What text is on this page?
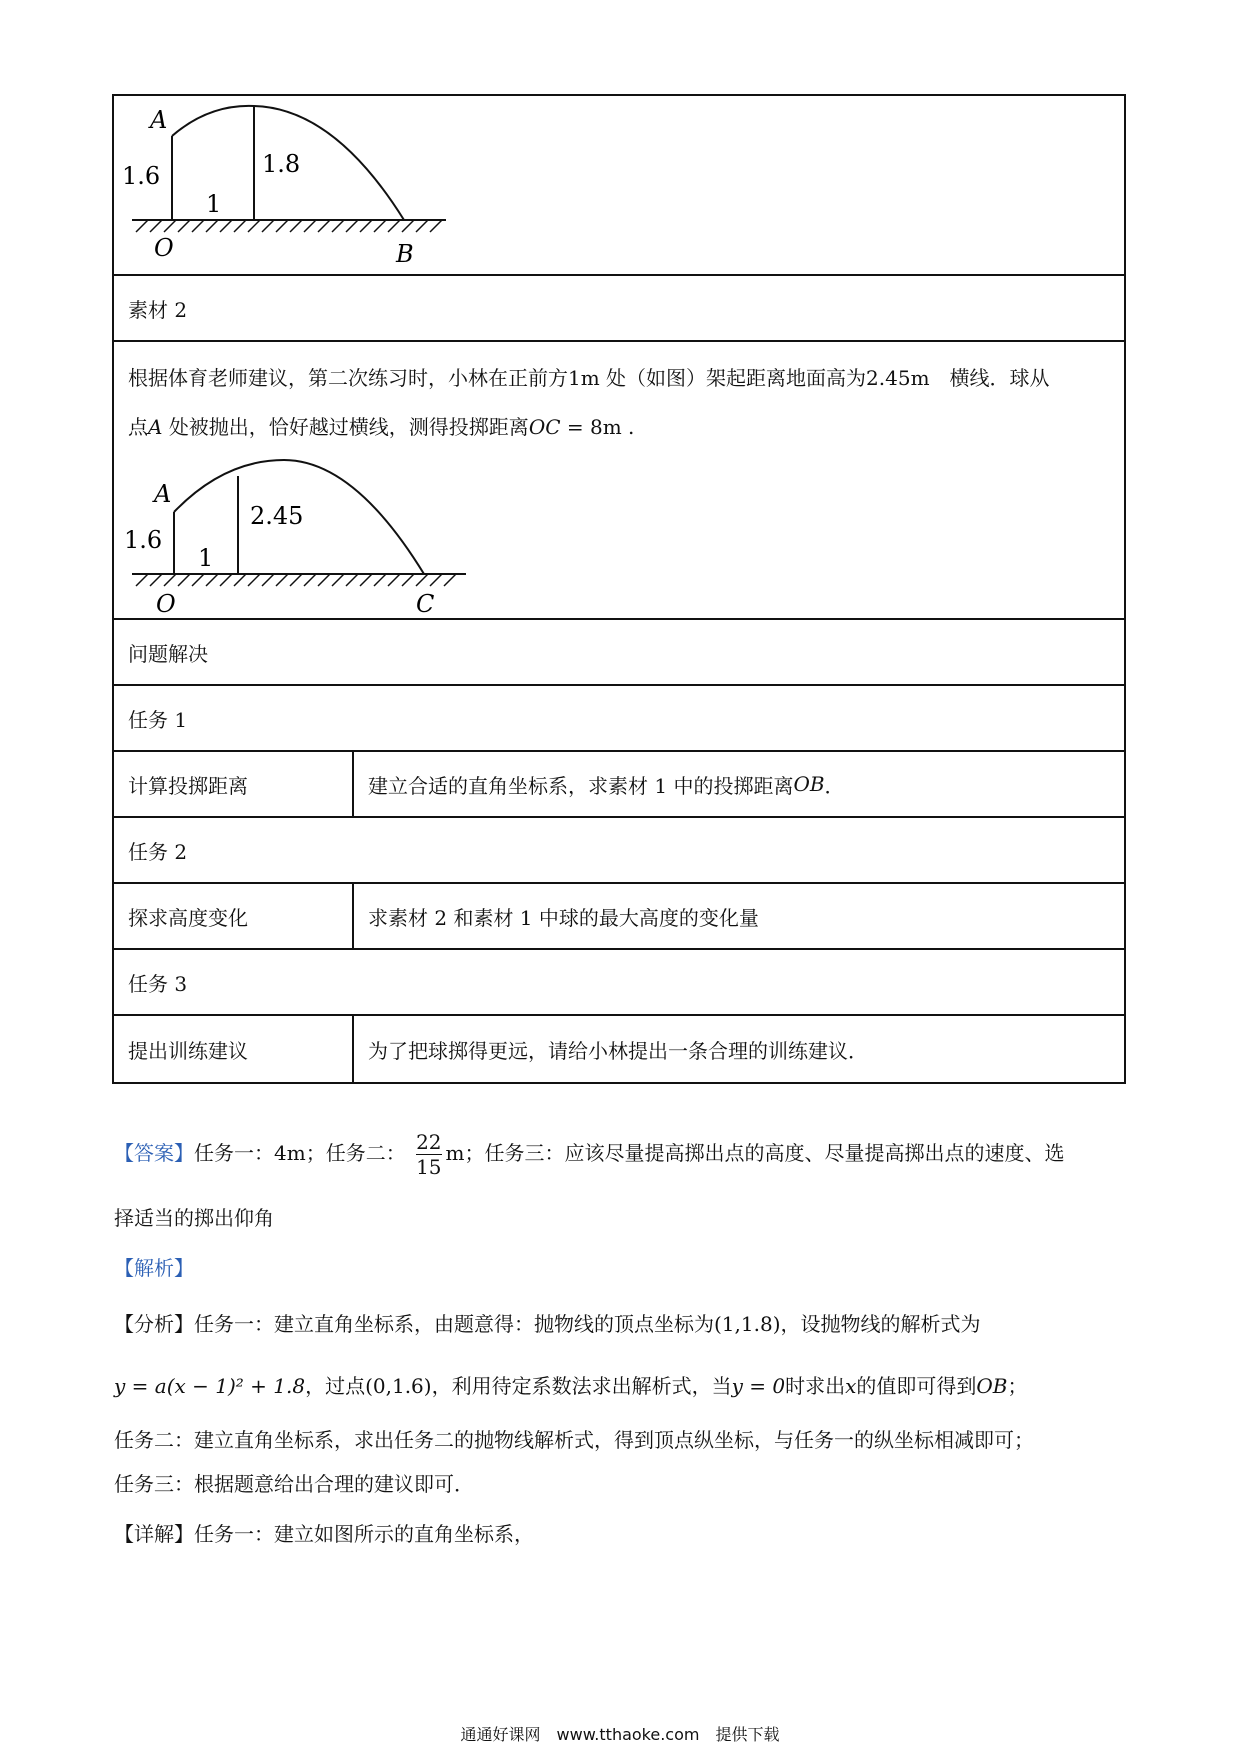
A
1.6	1.8
1
O	B
素材 2
根据体育老师建议，第二次练习时，小林在正前方1m 处（如图）架起距离地面高为2.45m　横线．球从
点A 处被抛出，恰好越过横线，测得投掷距离OC = 8m .
A
1.6
2.45
1
O	C
问题解决
任务 1
计算投掷距离	建立合适的直角坐标系，求素材 1 中的投掷距离 OB ．
任务 2
探求高度变化	求素材 2 和素材 1 中球的最大高度的变化量
任务 3
提出训练建议	为了把球掷得更远，请给小林提出一条合理的训练建议．
【答案】任务一：4m；任务二： $\frac{22}{15}$ m；任务三：应该尽量提高掷出点的高度、尽量提高掷出点的速度、选
择适当的掷出仰角
【解析】
【分析】任务一：建立直角坐标系，由题意得：抛物线的顶点坐标为(1,1.8)，设抛物线的解析式为
y = a(x − 1)² + 1.8，过点(0,1.6)，利用待定系数法求出解析式，当y = 0时求出x的值即可得到OB；
任务二：建立直角坐标系，求出任务二的抛物线解析式，得到顶点纵坐标，与任务一的纵坐标相减即可；
任务三：根据题意给出合理的建议即可．
【详解】任务一：建立如图所示的直角坐标系，
通通好课网　www.tthaoke.com　提供下载
